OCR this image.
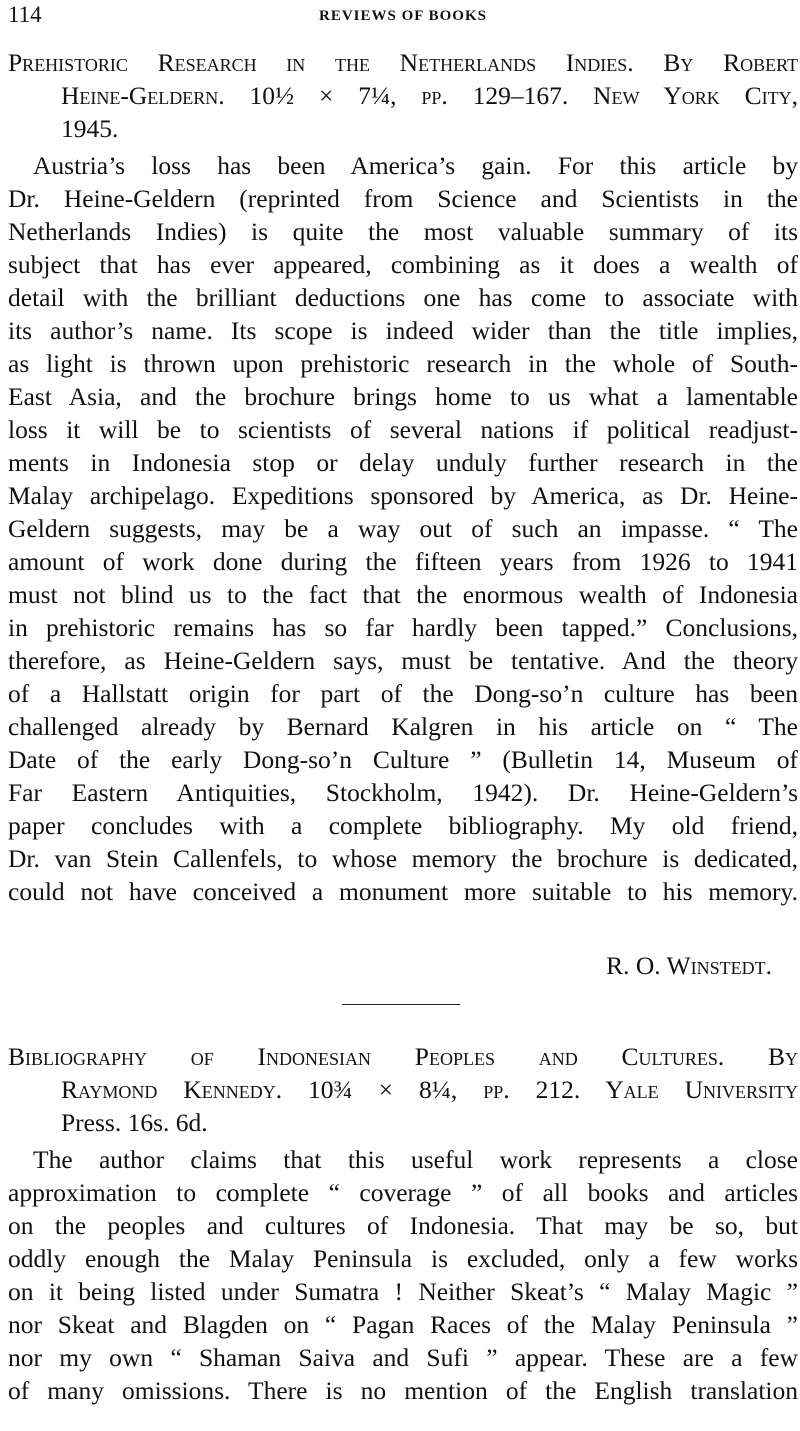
114	REVIEWS OF BOOKS
Prehistoric Research in the Netherlands Indies. By Robert
Heine-Geldern. 10½ × 7¼, pp. 129–167. New York City,
1945.
Austria’s loss has been America’s gain. For this article by
Dr. Heine-Geldern (reprinted from Science and Scientists in the
Netherlands Indies) is quite the most valuable summary of its
subject that has ever appeared, combining as it does a wealth of
detail with the brilliant deductions one has come to associate with
its author’s name. Its scope is indeed wider than the title implies,
as light is thrown upon prehistoric research in the whole of South-
East Asia, and the brochure brings home to us what a lamentable
loss it will be to scientists of several nations if political readjust-
ments in Indonesia stop or delay unduly further research in the
Malay archipelago. Expeditions sponsored by America, as Dr. Heine-
Geldern suggests, may be a way out of such an impasse. “ The
amount of work done during the fifteen years from 1926 to 1941
must not blind us to the fact that the enormous wealth of Indonesia
in prehistoric remains has so far hardly been tapped.” Conclusions,
therefore, as Heine-Geldern says, must be tentative. And the theory
of a Hallstatt origin for part of the Dong-so’n culture has been
challenged already by Bernard Kalgren in his article on “ The
Date of the early Dong-so’n Culture ” (Bulletin 14, Museum of
Far Eastern Antiquities, Stockholm, 1942). Dr. Heine-Geldern’s
paper concludes with a complete bibliography. My old friend,
Dr. van Stein Callenfels, to whose memory the brochure is dedicated,
could not have conceived a monument more suitable to his memory.
R. O. Winstedt.
Bibliography of Indonesian Peoples and Cultures. By
Raymond Kennedy. 10¾ × 8¼, pp. 212. Yale University
Press. 16s. 6d.
The author claims that this useful work represents a close
approximation to complete “ coverage ” of all books and articles
on the peoples and cultures of Indonesia. That may be so, but
oddly enough the Malay Peninsula is excluded, only a few works
on it being listed under Sumatra ! Neither Skeat’s “ Malay Magic ”
nor Skeat and Blagden on “ Pagan Races of the Malay Peninsula ”
nor my own “ Shaman Saiva and Sufi ” appear. These are a few
of many omissions. There is no mention of the English translation
